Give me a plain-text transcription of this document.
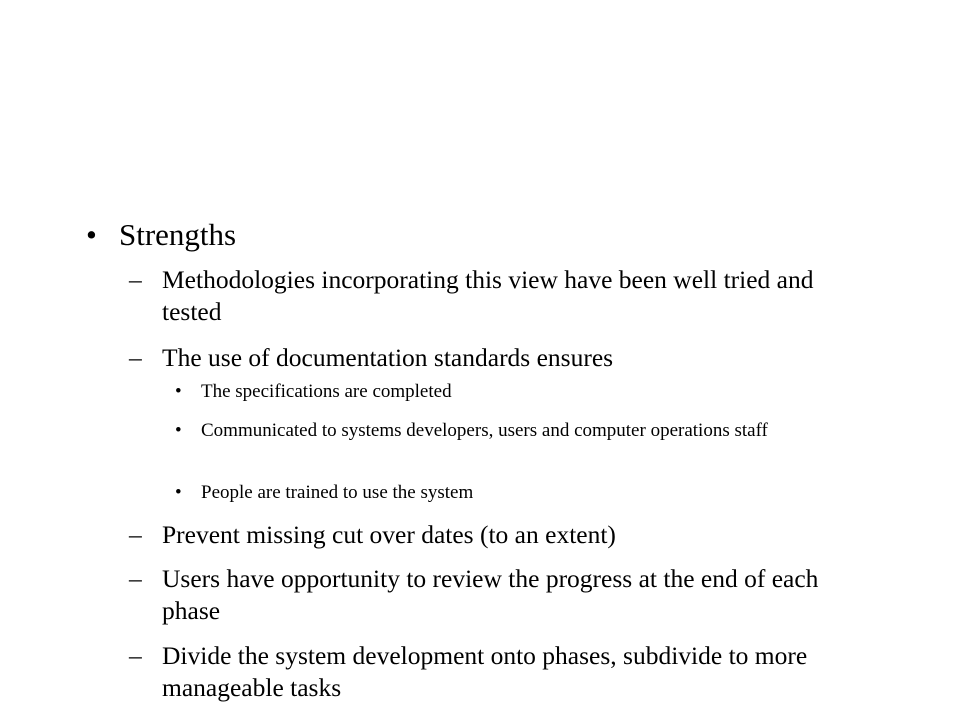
• Strengths
– Methodologies incorporating this view have been well tried and tested
– The use of documentation standards ensures
• The specifications are completed
• Communicated to systems developers, users and computer operations staff
• People are trained to use the system
– Prevent missing cut over dates (to an extent)
– Users have opportunity to review the progress at the end of each phase
– Divide the system development onto phases, subdivide to more manageable tasks
